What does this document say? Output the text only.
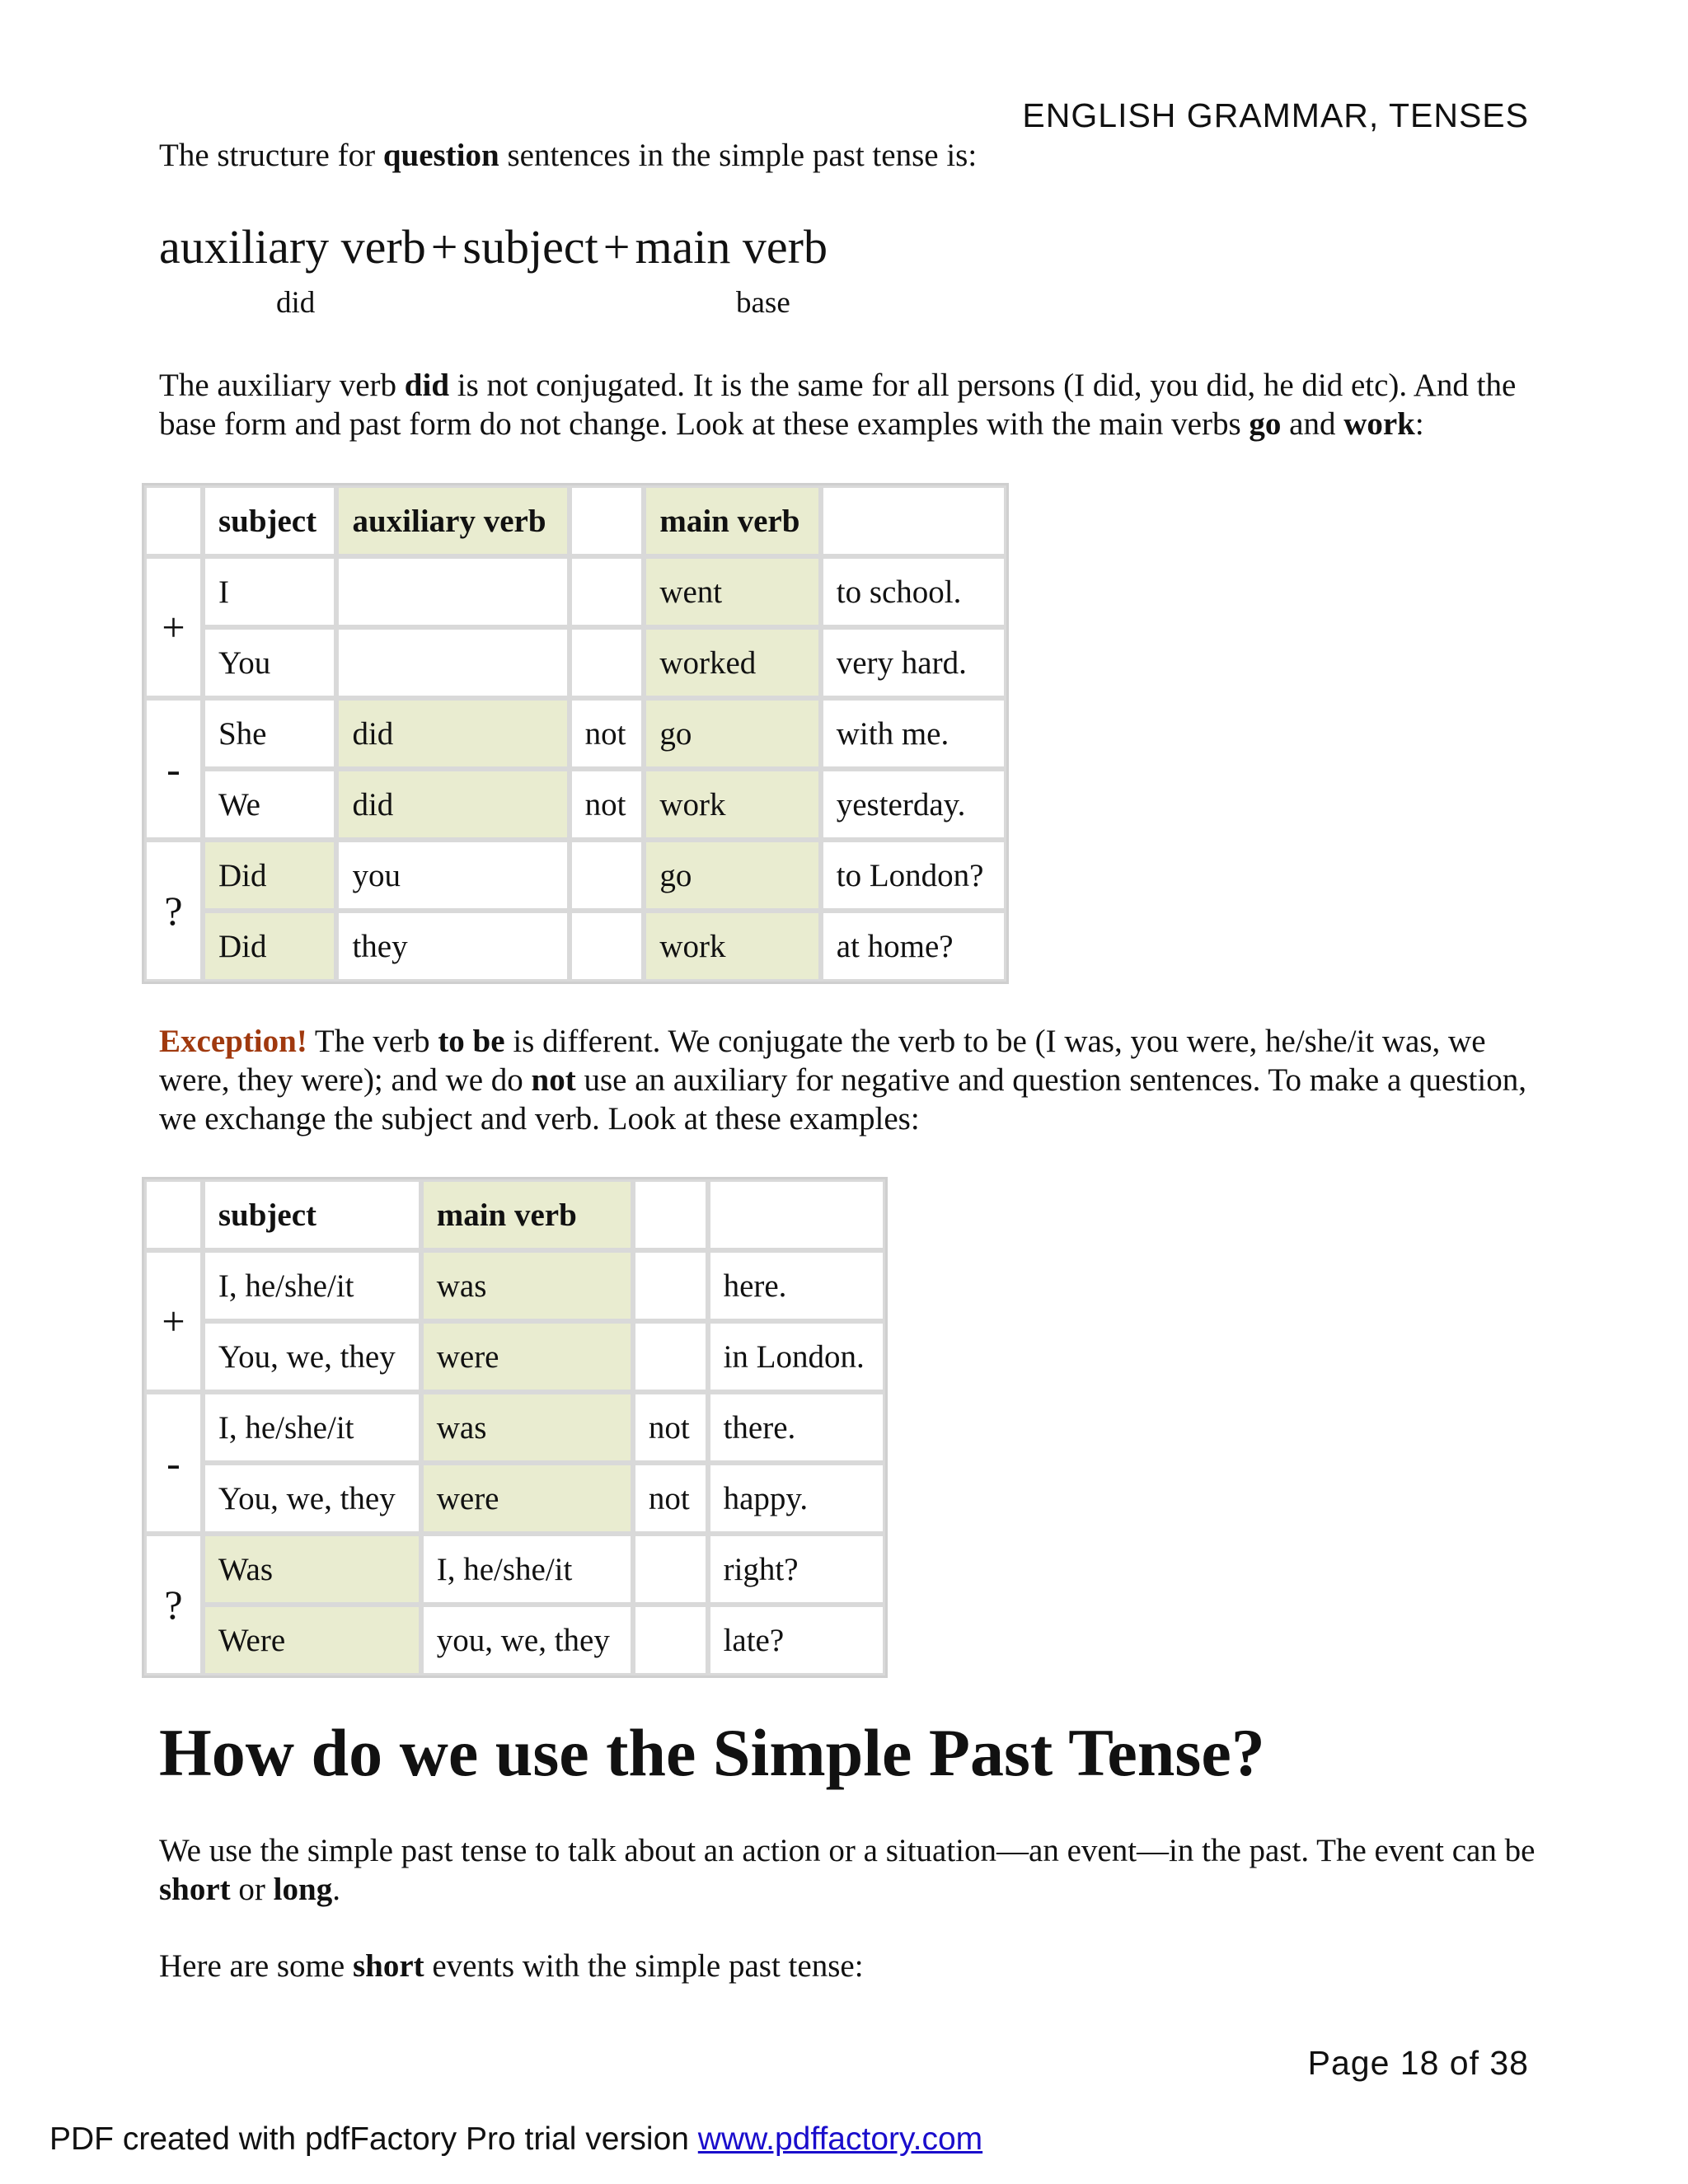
ENGLISH GRAMMAR, TENSES
The structure for question sentences in the simple past tense is:
auxiliary verb + subject + main verb
did	base
The auxiliary verb did is not conjugated. It is the same for all persons (I did, you did, he did etc). And the base form and past form do not change. Look at these examples with the main verbs go and work:
	subject	auxiliary verb		main verb	
+	I			went	to school.
	You			worked	very hard.
-	She	did	not	go	with me.
	We	did	not	work	yesterday.
?	Did	you		go	to London?
	Did	they		work	at home?
Exception! The verb to be is different. We conjugate the verb to be (I was, you were, he/she/it was, we were, they were); and we do not use an auxiliary for negative and question sentences. To make a question, we exchange the subject and verb. Look at these examples:
	subject	main verb		
+	I, he/she/it	was		here.
	You, we, they	were		in London.
-	I, he/she/it	was	not	there.
	You, we, they	were	not	happy.
?	Was	I, he/she/it		right?
	Were	you, we, they		late?
How do we use the Simple Past Tense?
We use the simple past tense to talk about an action or a situation—an event—in the past. The event can be short or long.
Here are some short events with the simple past tense:
Page 18 of 38
PDF created with pdfFactory Pro trial version www.pdffactory.com
